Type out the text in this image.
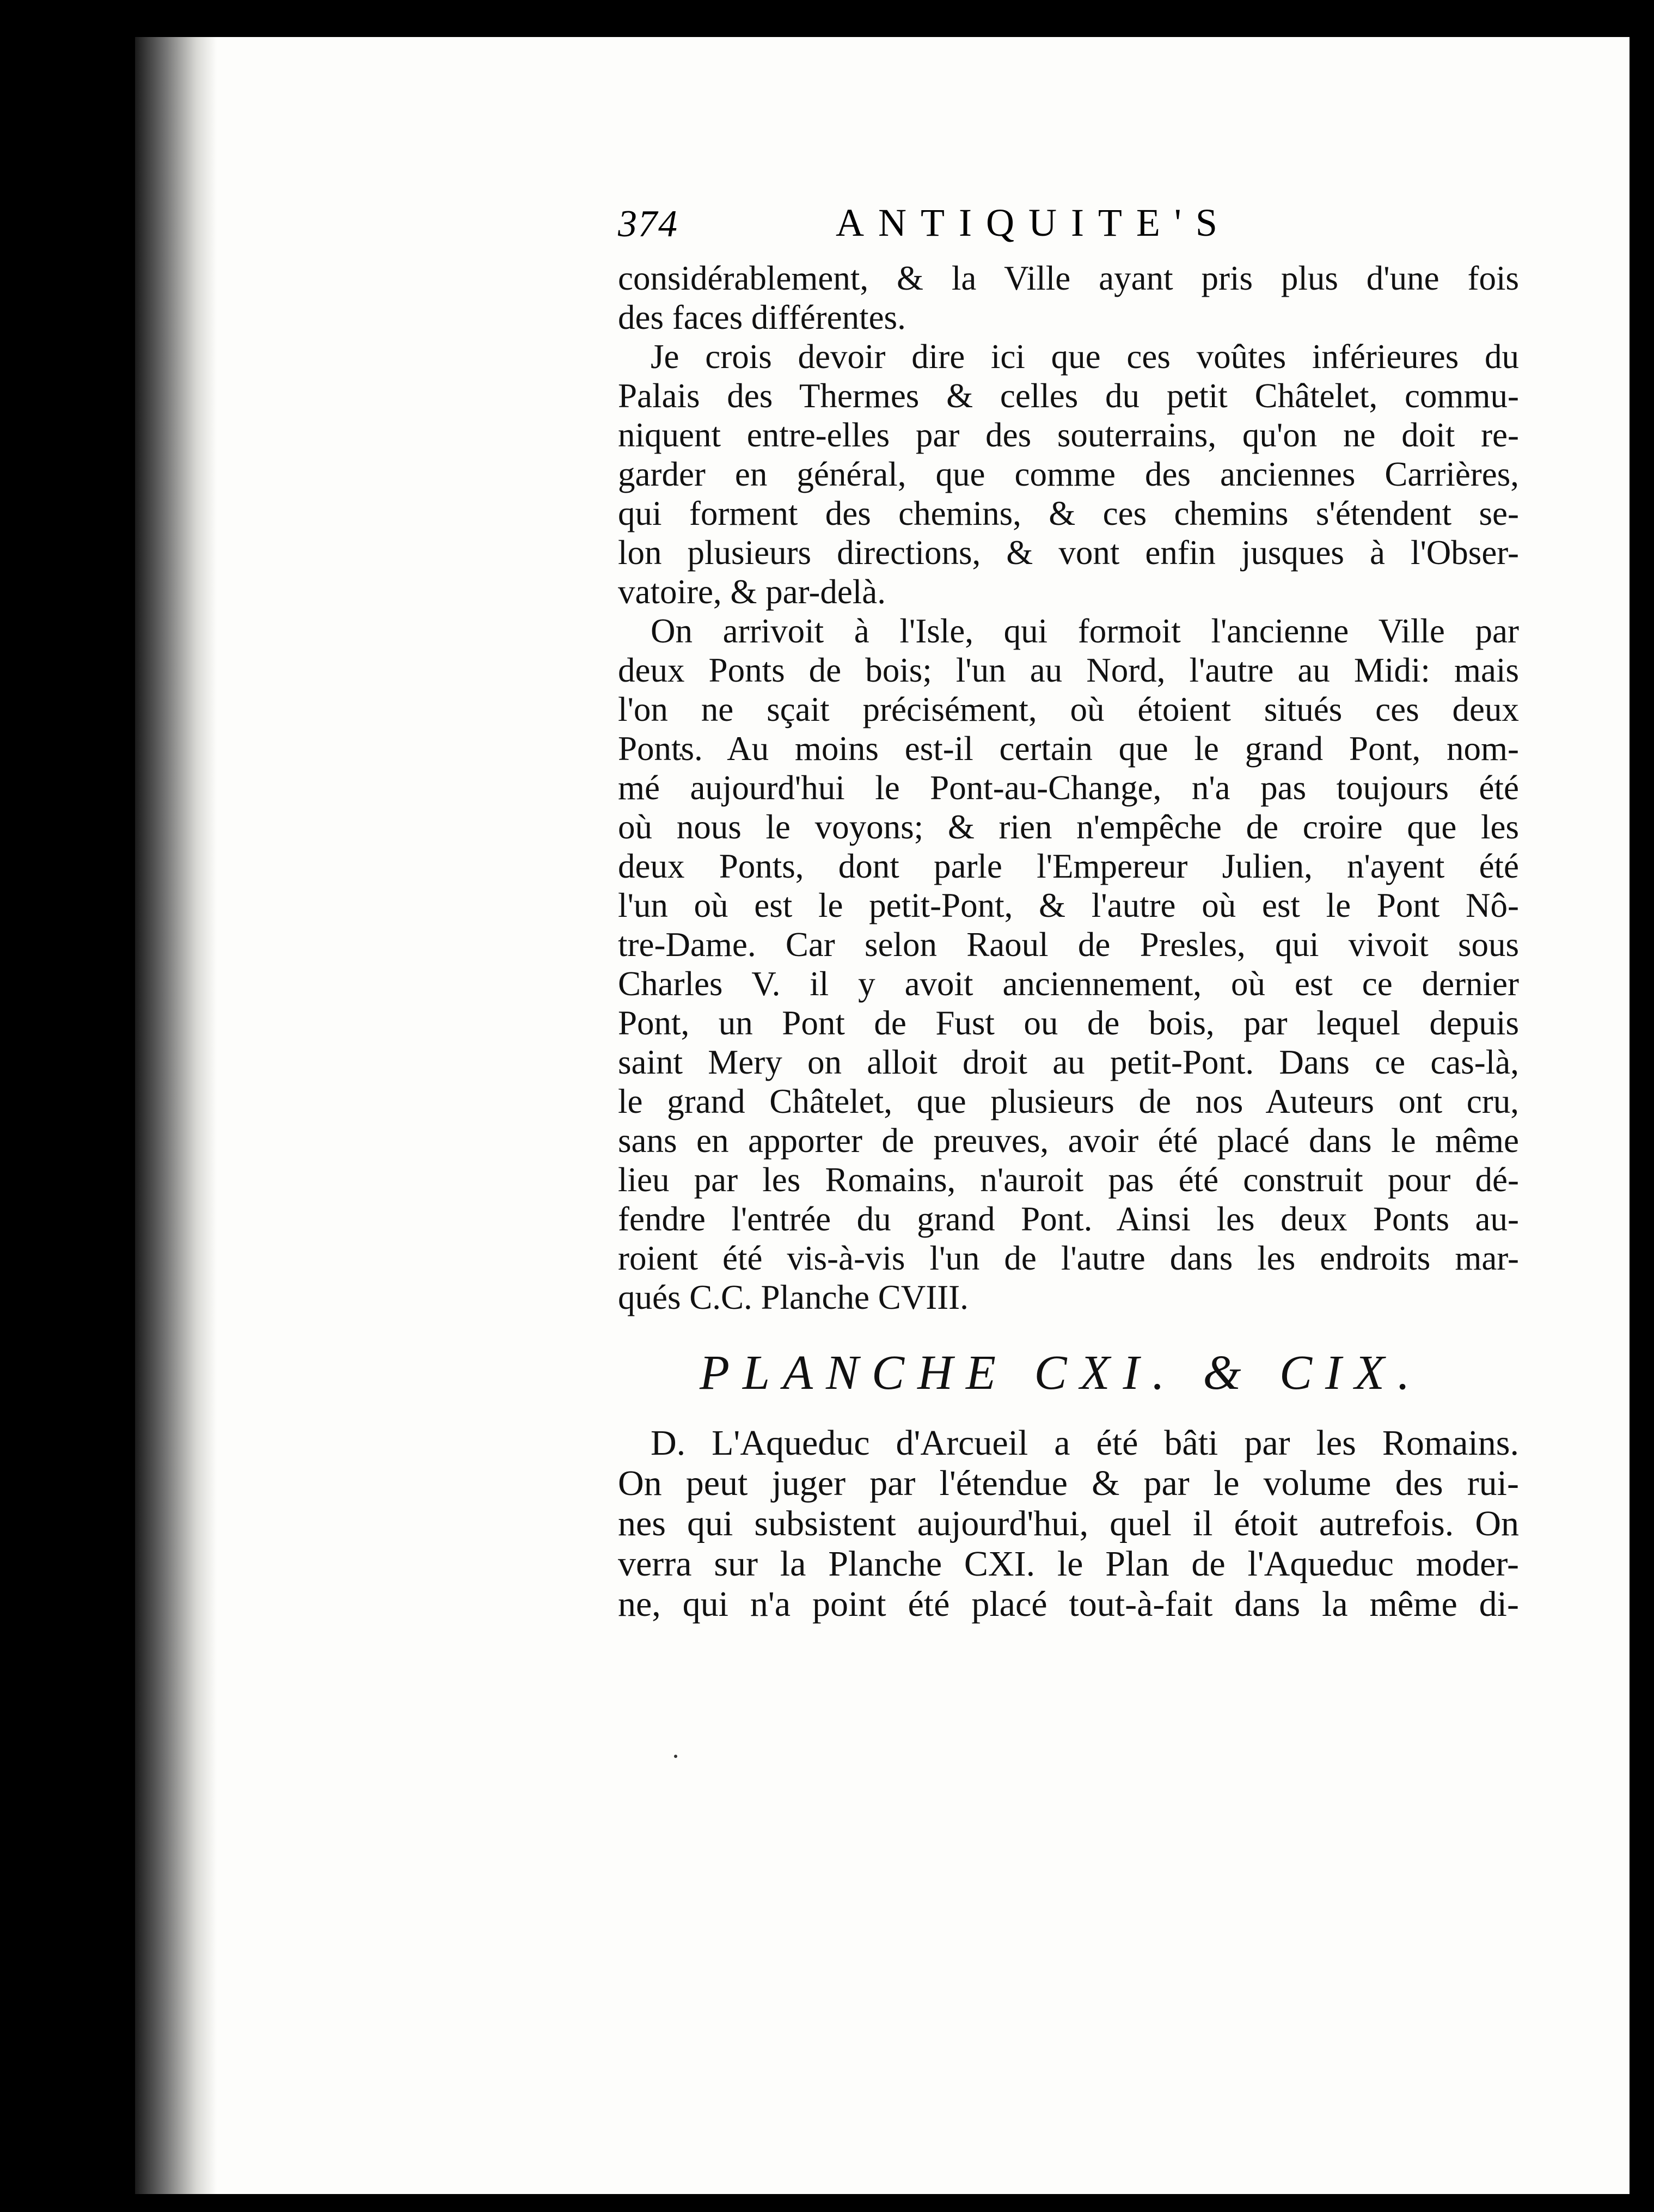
374	ANTIQUITE'S
considérablement, & la Ville ayant pris plus d'une fois
des faces différentes.
Je crois devoir dire ici que ces voûtes inférieures du
Palais des Thermes & celles du petit Châtelet, commu-
niquent entre-elles par des souterrains, qu'on ne doit re-
garder en général, que comme des anciennes Carrières,
qui forment des chemins, & ces chemins s'étendent se-
lon plusieurs directions, & vont enfin jusques à l'Obser-
vatoire, & par-delà.
On arrivoit à l'Isle, qui formoit l'ancienne Ville par
deux Ponts de bois; l'un au Nord, l'autre au Midi: mais
l'on ne sçait précisément, où étoient situés ces deux
Ponts. Au moins est-il certain que le grand Pont, nom-
mé aujourd'hui le Pont-au-Change, n'a pas toujours été
où nous le voyons; & rien n'empêche de croire que les
deux Ponts, dont parle l'Empereur Julien, n'ayent été
l'un où est le petit-Pont, & l'autre où est le Pont Nô-
tre-Dame. Car selon Raoul de Presles, qui vivoit sous
Charles V. il y avoit anciennement, où est ce dernier
Pont, un Pont de Fust ou de bois, par lequel depuis
saint Mery on alloit droit au petit-Pont. Dans ce cas-là,
le grand Châtelet, que plusieurs de nos Auteurs ont cru,
sans en apporter de preuves, avoir été placé dans le même
lieu par les Romains, n'auroit pas été construit pour dé-
fendre l'entrée du grand Pont. Ainsi les deux Ponts au-
roient été vis-à-vis l'un de l'autre dans les endroits mar-
qués C.C. Planche CVIII.
PLANCHE CXI. & CIX.
D. L'Aqueduc d'Arcueil a été bâti par les Romains.
On peut juger par l'étendue & par le volume des rui-
nes qui subsistent aujourd'hui, quel il étoit autrefois. On
verra sur la Planche CXI. le Plan de l'Aqueduc moder-
ne, qui n'a point été placé tout-à-fait dans la même di-
